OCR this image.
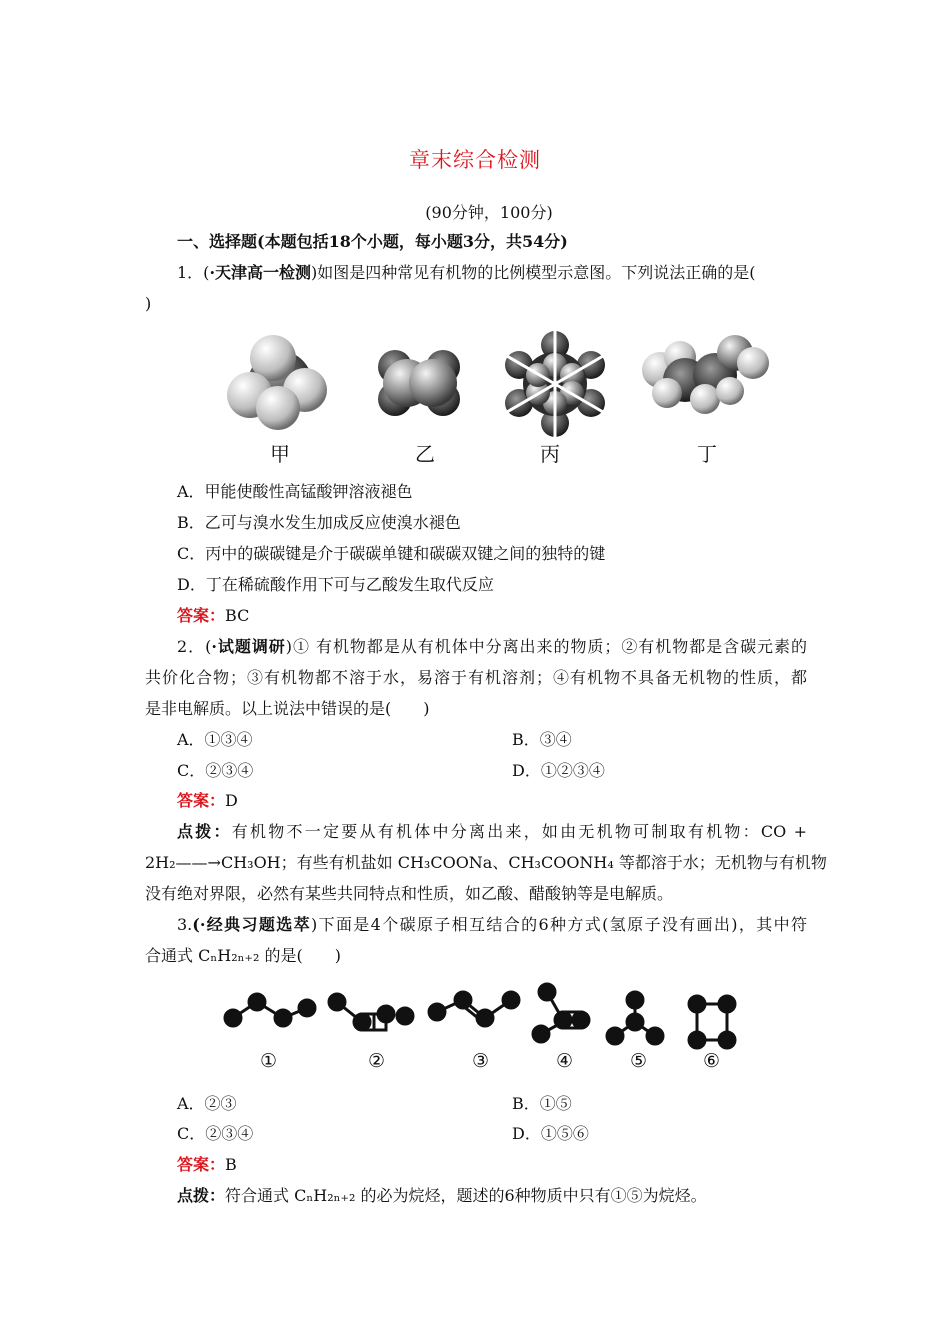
章末综合检测
(90分钟，100分)
一、选择题(本题包括18个小题，每小题3分，共54分)
1．(·天津高一检测)如图是四种常见有机物的比例模型示意图。下列说法正确的是(
)
甲	乙	丙	丁
A．甲能使酸性高锰酸钾溶液褪色
B．乙可与溴水发生加成反应使溴水褪色
C．丙中的碳碳键是介于碳碳单键和碳碳双键之间的独特的键
D．丁在稀硫酸作用下可与乙酸发生取代反应
答案：BC
2．(·试题调研)① 有机物都是从有机体中分离出来的物质；②有机物都是含碳元素的
共价化合物；③有机物都不溶于水，易溶于有机溶剂；④有机物不具备无机物的性质，都
是非电解质。以上说法中错误的是(　　)
A．①③④	B．③④
C．②③④	D．①②③④
答案：D
点拨：有机物不一定要从有机体中分离出来，如由无机物可制取有机物：CO +
2H₂——→CH₃OH；有些有机盐如 CH₃COONa、CH₃COONH₄ 等都溶于水；无机物与有机物
没有绝对界限，必然有某些共同特点和性质，如乙酸、醋酸钠等是电解质。
3.(·经典习题选萃)下面是4个碳原子相互结合的6种方式(氢原子没有画出)，其中符
合通式 CₙH₂ₙ₊₂ 的是(　　)
①	②	③	④	⑤	⑥
A．②③	B．①⑤
C．②③④	D．①⑤⑥
答案：B
点拨：符合通式 CₙH₂ₙ₊₂ 的必为烷烃，题述的6种物质中只有①⑤为烷烃。
